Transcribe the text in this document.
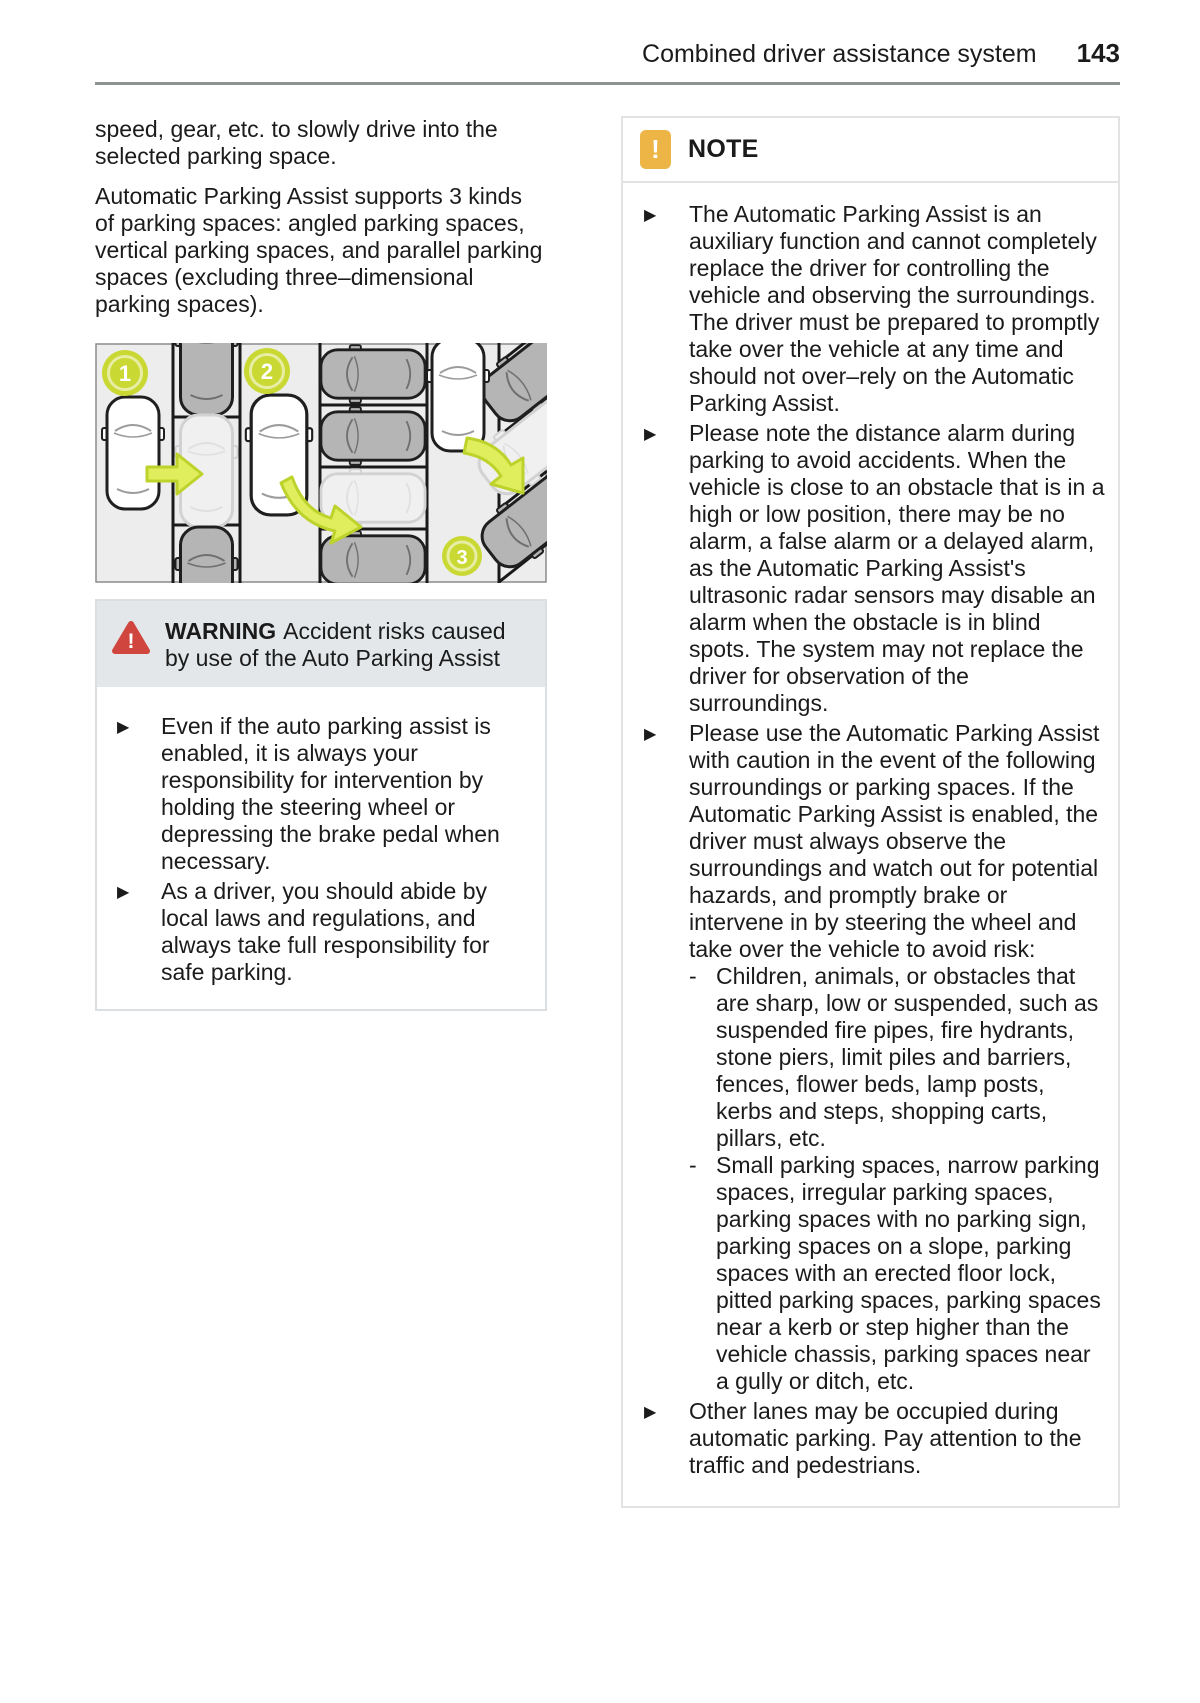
Combined driver assistance system 143

speed, gear, etc. to slowly drive into the selected parking space.

Automatic Parking Assist supports 3 kinds of parking spaces: angled parking spaces, vertical parking spaces, and parallel parking spaces (excluding three–dimensional parking spaces).

1	2
3
! WARNING Accident risks caused by use of the Auto Parking Assist
▶	Even if the auto parking assist is enabled, it is always your responsibility for intervention by holding the steering wheel or depressing the brake pedal when necessary.
▶	As a driver, you should abide by local laws and regulations, and always take full responsibility for safe parking.
!	NOTE
▶	The Automatic Parking Assist is an auxiliary function and cannot completely replace the driver for controlling the vehicle and observing the surroundings. The driver must be prepared to promptly take over the vehicle at any time and should not over–rely on the Automatic Parking Assist.
▶	Please note the distance alarm during parking to avoid accidents. When the vehicle is close to an obstacle that is in a high or low position, there may be no alarm, a false alarm or a delayed alarm, as the Automatic Parking Assist's ultrasonic radar sensors may disable an alarm when the obstacle is in blind spots. The system may not replace the driver for observation of the surroundings.
▶	Please use the Automatic Parking Assist with caution in the event of the following surroundings or parking spaces. If the Automatic Parking Assist is enabled, the driver must always observe the surroundings and watch out for potential hazards, and promptly brake or intervene in by steering the wheel and take over the vehicle to avoid risk:
- Children, animals, or obstacles that are sharp, low or suspended, such as suspended fire pipes, fire hydrants, stone piers, limit piles and barriers, fences, flower beds, lamp posts, kerbs and steps, shopping carts, pillars, etc.
- Small parking spaces, narrow parking spaces, irregular parking spaces, parking spaces with no parking sign, parking spaces on a slope, parking spaces with an erected floor lock, pitted parking spaces, parking spaces near a kerb or step higher than the vehicle chassis, parking spaces near a gully or ditch, etc.
▶	Other lanes may be occupied during automatic parking. Pay attention to the traffic and pedestrians.
